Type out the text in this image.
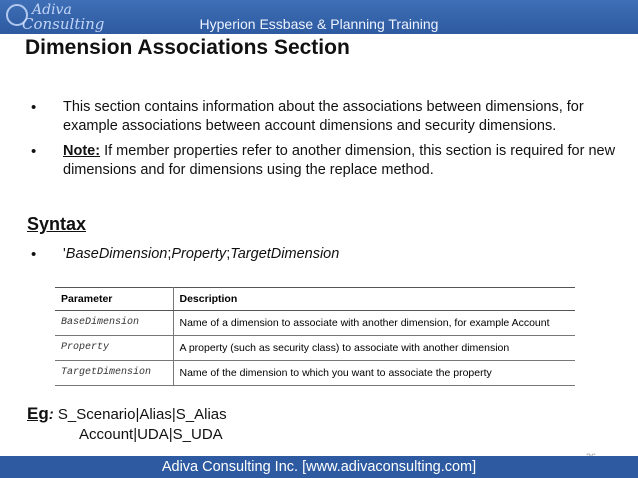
Adiva
Consulting	Hyperion Essbase & Planning Training
Dimension Associations Section
• This section contains information about the associations between dimensions, for example associations between account dimensions and security dimensions.
• Note: If member properties refer to another dimension, this section is required for new dimensions and for dimensions using the replace method.
Syntax
• 'BaseDimension;Property;TargetDimension
Parameter	Description
BaseDimension	Name of a dimension to associate with another dimension, for example Account
Property	A property (such as security class) to associate with another dimension
TargetDimension	Name of the dimension to which you want to associate the property
Eg: S_Scenario|Alias|S_Alias
Account|UDA|S_UDA
Adiva Consulting Inc. [www.adivaconsulting.com]
